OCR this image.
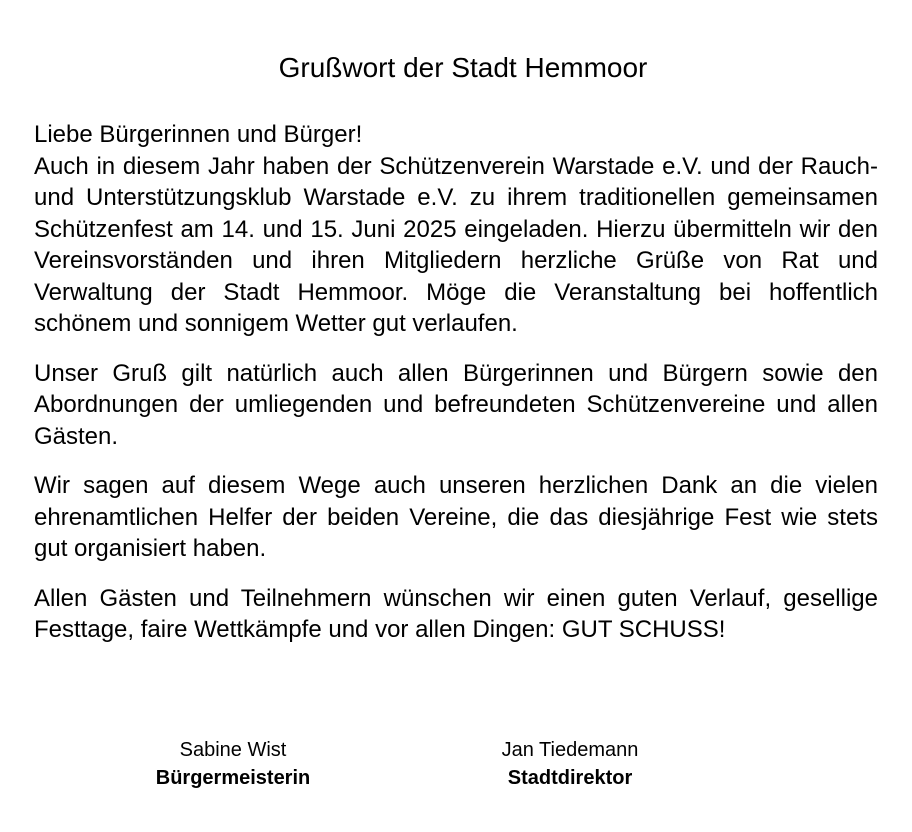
Grußwort der Stadt Hemmoor

Liebe Bürgerinnen und Bürger!
Auch in diesem Jahr haben der Schützenverein Warstade e.V. und der Rauch- und Unterstützungsklub Warstade e.V. zu ihrem traditionellen gemeinsamen Schützenfest am 14. und 15. Juni 2025 eingeladen. Hierzu übermitteln wir den Vereinsvorständen und ihren Mitgliedern herzliche Grüße von Rat und Verwaltung der Stadt Hemmoor. Möge die Veranstaltung bei hoffentlich schönem und sonnigem Wetter gut verlaufen.

Unser Gruß gilt natürlich auch allen Bürgerinnen und Bürgern sowie den Abordnungen der umliegenden und befreundeten Schützenvereine und allen Gästen.

Wir sagen auf diesem Wege auch unseren herzlichen Dank an die vielen ehrenamtlichen Helfer der beiden Vereine, die das diesjährige Fest wie stets gut organisiert haben.

Allen Gästen und Teilnehmern wünschen wir einen guten Verlauf, gesellige Festtage, faire Wettkämpfe und vor allen Dingen: GUT SCHUSS!

Sabine Wist
Bürgermeisterin
Jan Tiedemann
Stadtdirektor
